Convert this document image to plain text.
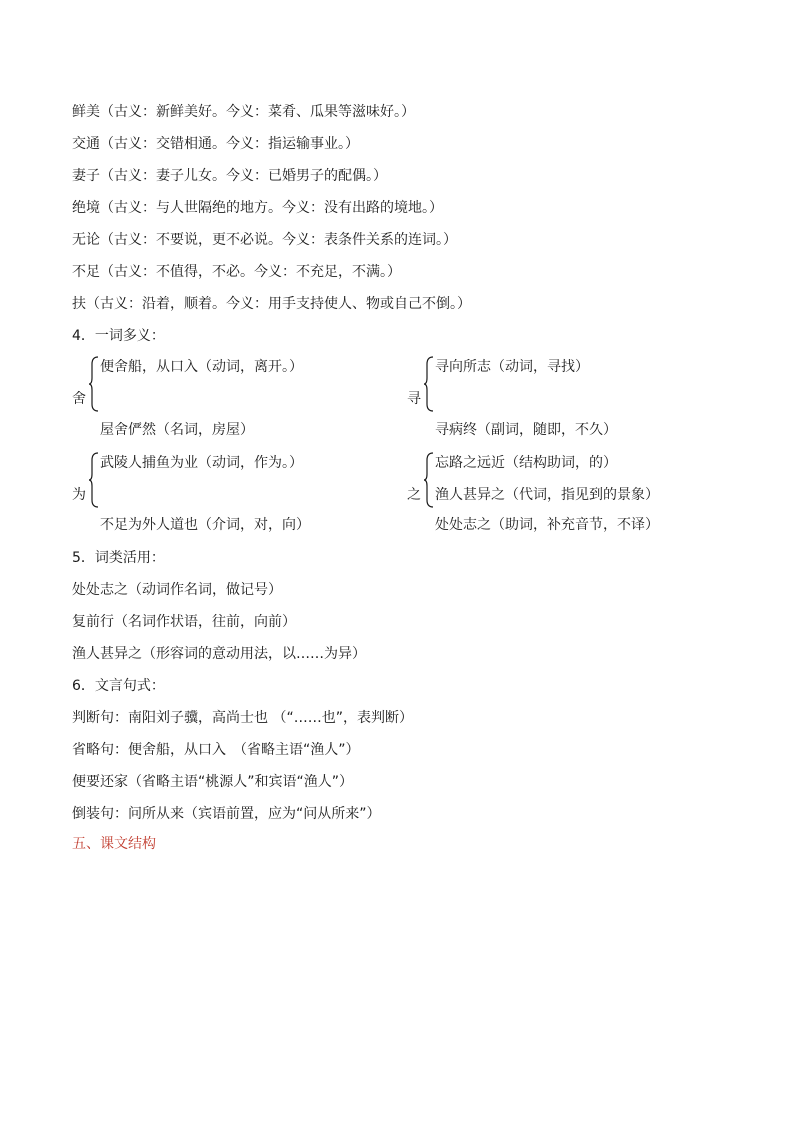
鲜美（古义：新鲜美好。今义：菜肴、瓜果等滋味好。）
交通（古义：交错相通。今义：指运输事业。）
妻子（古义：妻子儿女。今义：已婚男子的配偶。）
绝境（古义：与人世隔绝的地方。今义：没有出路的境地。）
无论（古义：不要说，更不必说。今义：表条件关系的连词。）
不足（古义：不值得，不必。今义：不充足，不满。）
扶（古义：沿着，顺着。今义：用手支持使人、物或自己不倒。）
4．一词多义：
舍
便舍船，从口入（动词，离开。）
屋舍俨然（名词，房屋）
寻
寻向所志（动词，寻找）
寻病终（副词，随即，不久）
为
武陵人捕鱼为业（动词，作为。）
不足为外人道也（介词，对，向）
之
忘路之远近（结构助词，的）
渔人甚异之（代词，指见到的景象）
处处志之（助词，补充音节，不译）
5．词类活用：
处处志之（动词作名词，做记号）
复前行（名词作状语，往前，向前）
渔人甚异之（形容词的意动用法，以……为异）
6．文言句式：
判断句：南阳刘子骥，高尚士也 （“……也”，表判断）
省略句：便舍船，从口入　（省略主语“渔人”）
便要还家（省略主语“桃源人”和宾语“渔人”）
倒装句：问所从来（宾语前置，应为“问从所来”）
五、课文结构
